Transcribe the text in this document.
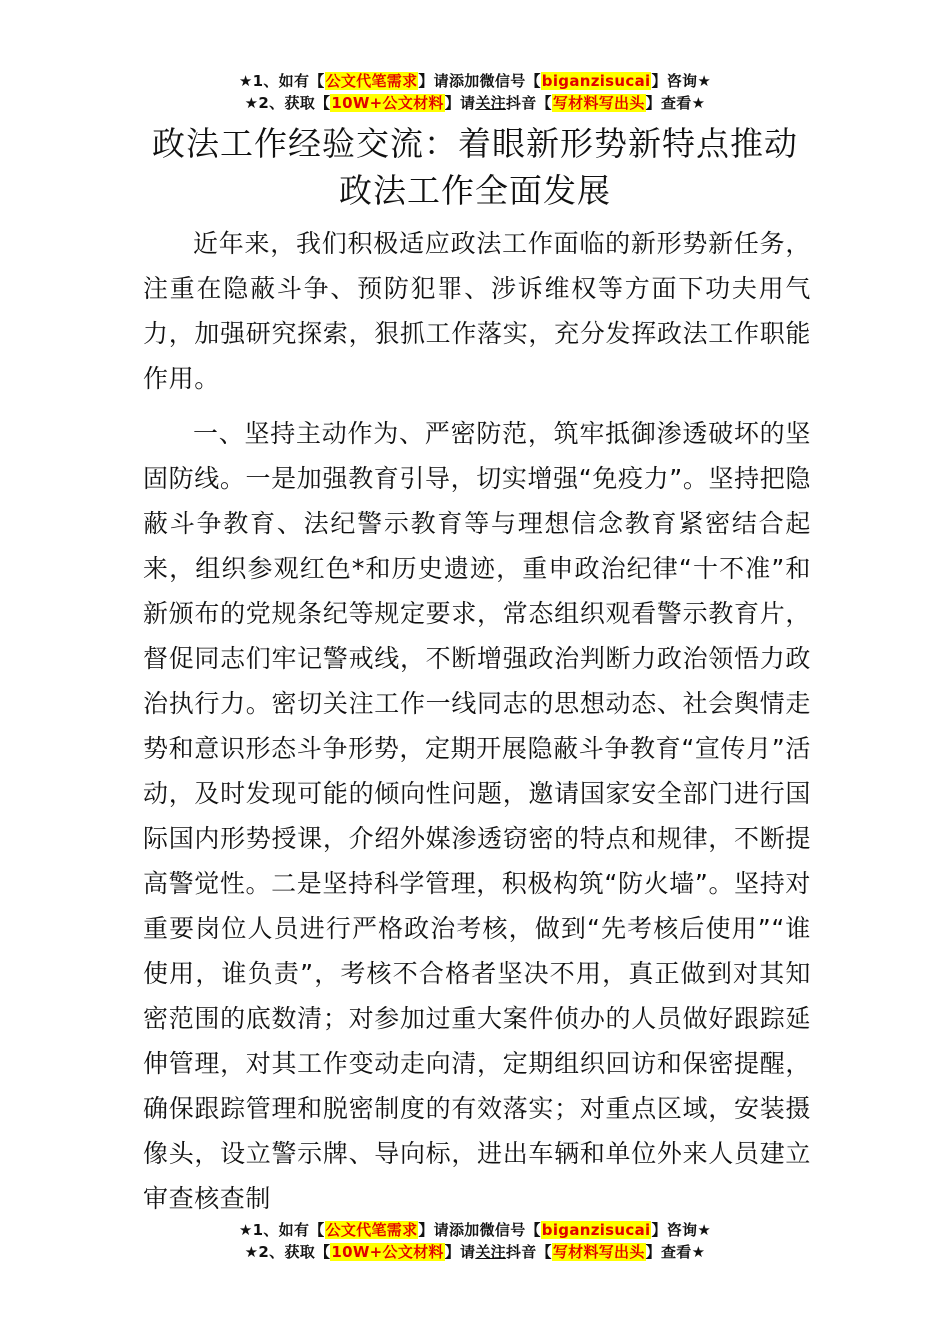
★1、如有【公文代笔需求】请添加微信号【biganzisucai】咨询★
★2、获取【10W+公文材料】请关注抖音【写材料写出头】查看★
政法工作经验交流：着眼新形势新特点推动
政法工作全面发展

近年来，我们积极适应政法工作面临的新形势新任务，注重在隐蔽斗争、预防犯罪、涉诉维权等方面下功夫用气力，加强研究探索，狠抓工作落实，充分发挥政法工作职能作用。

一、坚持主动作为、严密防范，筑牢抵御渗透破坏的坚固防线。一是加强教育引导，切实增强“免疫力”。坚持把隐蔽斗争教育、法纪警示教育等与理想信念教育紧密结合起来，组织参观红色*和历史遗迹，重申政治纪律“十不准”和新颁布的党规条纪等规定要求，常态组织观看警示教育片，督促同志们牢记警戒线，不断增强政治判断力政治领悟力政治执行力。密切关注工作一线同志的思想动态、社会舆情走势和意识形态斗争形势，定期开展隐蔽斗争教育“宣传月”活动，及时发现可能的倾向性问题，邀请国家安全部门进行国际国内形势授课，介绍外媒渗透窃密的特点和规律，不断提高警觉性。二是坚持科学管理，积极构筑“防火墙”。坚持对重要岗位人员进行严格政治考核，做到“先考核后使用”“谁使用，谁负责”，考核不合格者坚决不用，真正做到对其知密范围的底数清；对参加过重大案件侦办的人员做好跟踪延伸管理，对其工作变动走向清，定期组织回访和保密提醒，确保跟踪管理和脱密制度的有效落实；对重点区域，安装摄像头，设立警示牌、导向标，进出车辆和单位外来人员建立审查核查制

★1、如有【公文代笔需求】请添加微信号【biganzisucai】咨询★
★2、获取【10W+公文材料】请关注抖音【写材料写出头】查看★
